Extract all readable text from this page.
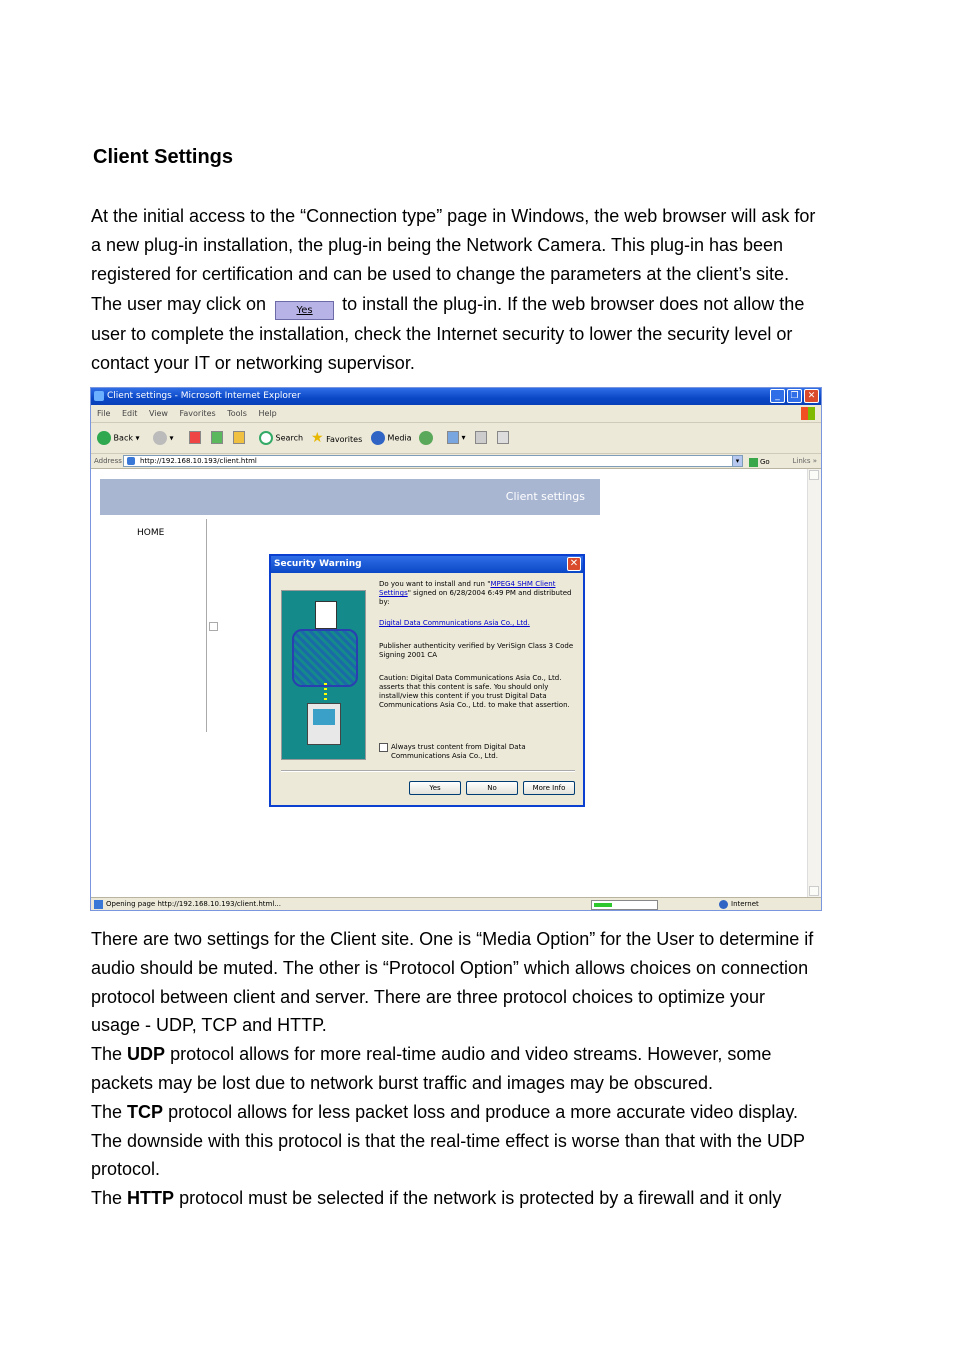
Client Settings
At the initial access to the “Connection type” page in Windows, the web browser will ask for
a new plug-in installation, the plug-in being the Network Camera. This plug-in has been
registered for certification and can be used to change the parameters at the client’s site.
The user may click on	Yes to install the plug-in. If the web browser does not allow the
user to complete the installation, check the Internet security to lower the security level or
contact your IT or networking supervisor.
Client settings - Microsoft Internet Explorer	_	❐	✕
File Edit View Favorites Tools Help
Back ▾	▾	Search ★ Favorites	Media	▾
Address	http://192.168.10.193/client.html	▾	Go	Links »
Client settings
HOME
Security Warning	✕
Do you want to install and run "MPEG4 SHM Client Settings" signed on 6/28/2004 6:49 PM and distributed by:
Digital Data Communications Asia Co., Ltd.
Publisher authenticity verified by VeriSign Class 3 Code Signing 2001 CA
Caution: Digital Data Communications Asia Co., Ltd. asserts that this content is safe. You should only install/view this content if you trust Digital Data Communications Asia Co., Ltd. to make that assertion.
Always trust content from Digital Data Communications Asia Co., Ltd.
Yes	No	More Info
Opening page http://192.168.10.193/client.html...	Internet
There are two settings for the Client site. One is “Media Option” for the User to determine if
audio should be muted. The other is “Protocol Option” which allows choices on connection
protocol between client and server. There are three protocol choices to optimize your
usage - UDP, TCP and HTTP.
The UDP protocol allows for more real-time audio and video streams. However, some
packets may be lost due to network burst traffic and images may be obscured.
The TCP protocol allows for less packet loss and produce a more accurate video display.
The downside with this protocol is that the real-time effect is worse than that with the UDP
protocol.
The HTTP protocol must be selected if the network is protected by a firewall and it only
